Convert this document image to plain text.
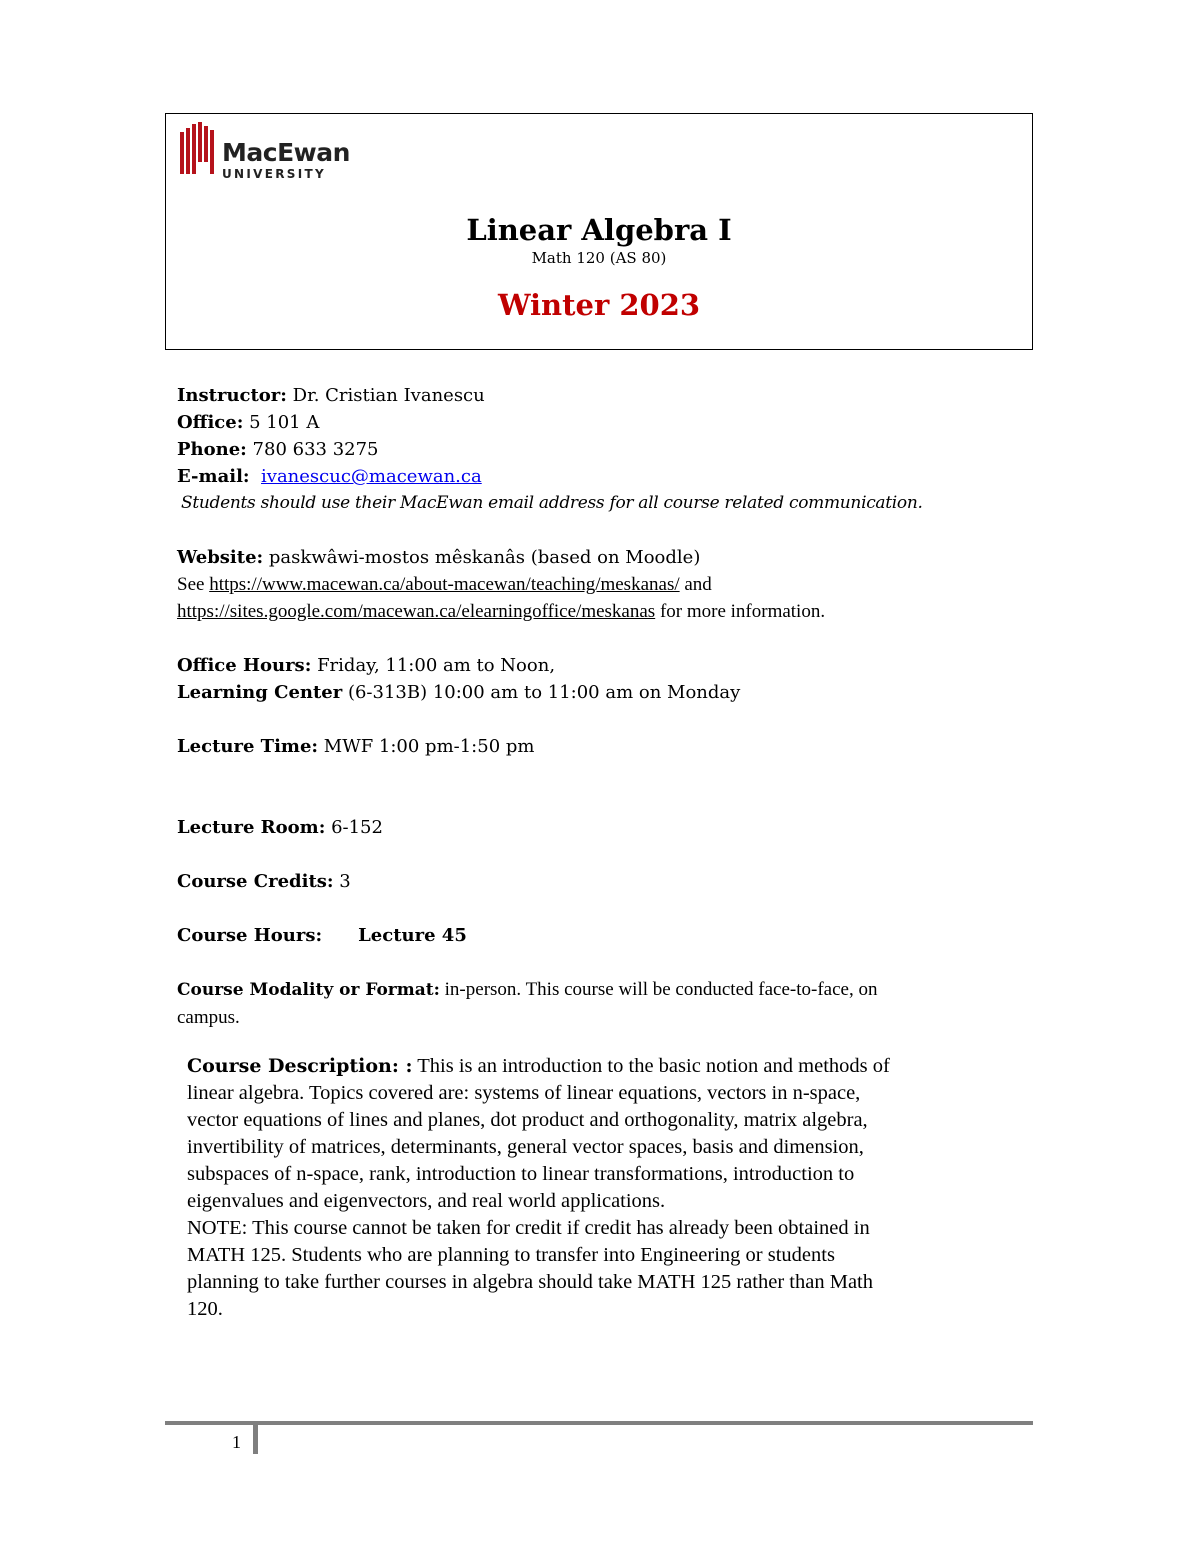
MacEwan
UNIVERSITY
Linear Algebra I
Math 120 (AS 80)
Winter 2023
Instructor: Dr. Cristian Ivanescu
Office: 5 101 A
Phone: 780 633 3275
E-mail: ivanescuc@macewan.ca
Students should use their MacEwan email address for all course related communication.
Website: paskwâwi-mostos mêskanâs (based on Moodle)
See https://www.macewan.ca/about-macewan/teaching/meskanas/ and
https://sites.google.com/macewan.ca/elearningoffice/meskanas for more information.
Office Hours: Friday, 11:00 am to Noon,
Learning Center (6-313B) 10:00 am to 11:00 am on Monday
Lecture Time: MWF 1:00 pm-1:50 pm
Lecture Room: 6-152
Course Credits: 3
Course Hours: Lecture 45
Course Modality or Format: in-person. This course will be conducted face-to-face, on
campus.
Course Description: : This is an introduction to the basic notion and methods of
linear algebra. Topics covered are: systems of linear equations, vectors in n-space,
vector equations of lines and planes, dot product and orthogonality, matrix algebra,
invertibility of matrices, determinants, general vector spaces, basis and dimension,
subspaces of n-space, rank, introduction to linear transformations, introduction to
eigenvalues and eigenvectors, and real world applications.
NOTE: This course cannot be taken for credit if credit has already been obtained in
MATH 125. Students who are planning to transfer into Engineering or students
planning to take further courses in algebra should take MATH 125 rather than Math
120.
1
